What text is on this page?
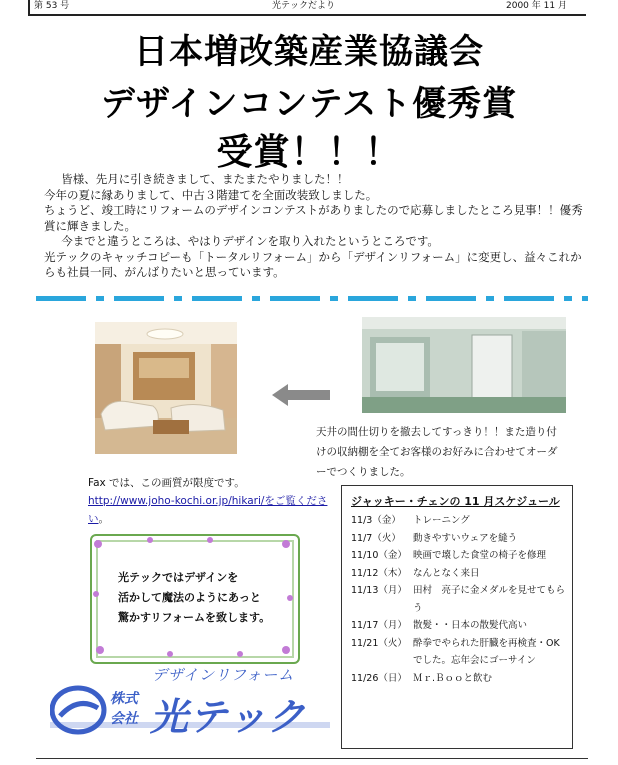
第 53 号	光テックだより	2000 年 11 月
日本増改築産業協議会
デザインコンテスト優秀賞
受賞！！！

皆様、先月に引き続きまして、またまたやりました！！

今年の夏に縁ありまして、中古３階建てを全面改装致しました。

ちょうど、竣工時にリフォームのデザインコンテストがありましたので応募しましたところ見事！！優秀賞に輝きました。

今までと違うところは、やはりデザインを取り入れたというところです。

光テックのキャッチコピーも「トータルリフォーム」から「デザインリフォーム」に変更し、益々これからも社員一同、がんばりたいと思っています。

天井の間仕切りを撤去してすっきり！！また造り付けの収納棚を全てお客様のお好みに合わせてオーダーでつくりました。
Fax では、この画質が限度です。
http://www.joho-kochi.or.jp/hikari/をご覧ください。
光テックではデザインを
活かして魔法のようにあっと
驚かすリフォームを致します。
デザインリフォーム
株式
会社 光テック
ジャッキー・チェンの 11 月スケジュール
11/3（金）	トレーニング
11/7（火）	動きやすいウェアを縫う
11/10（金） 映画で壊した食堂の椅子を修理
11/12（木） なんとなく来日
11/13（月） 田村　亮子に金メダルを見せてもらう
11/17（月） 散髪・・日本の散髪代高い
11/21（火） 酔拳でやられた肝臓を再検査・OKでした。忘年会にゴーサイン
11/26（日） Ｍｒ.Ｂｏｏと飲む
